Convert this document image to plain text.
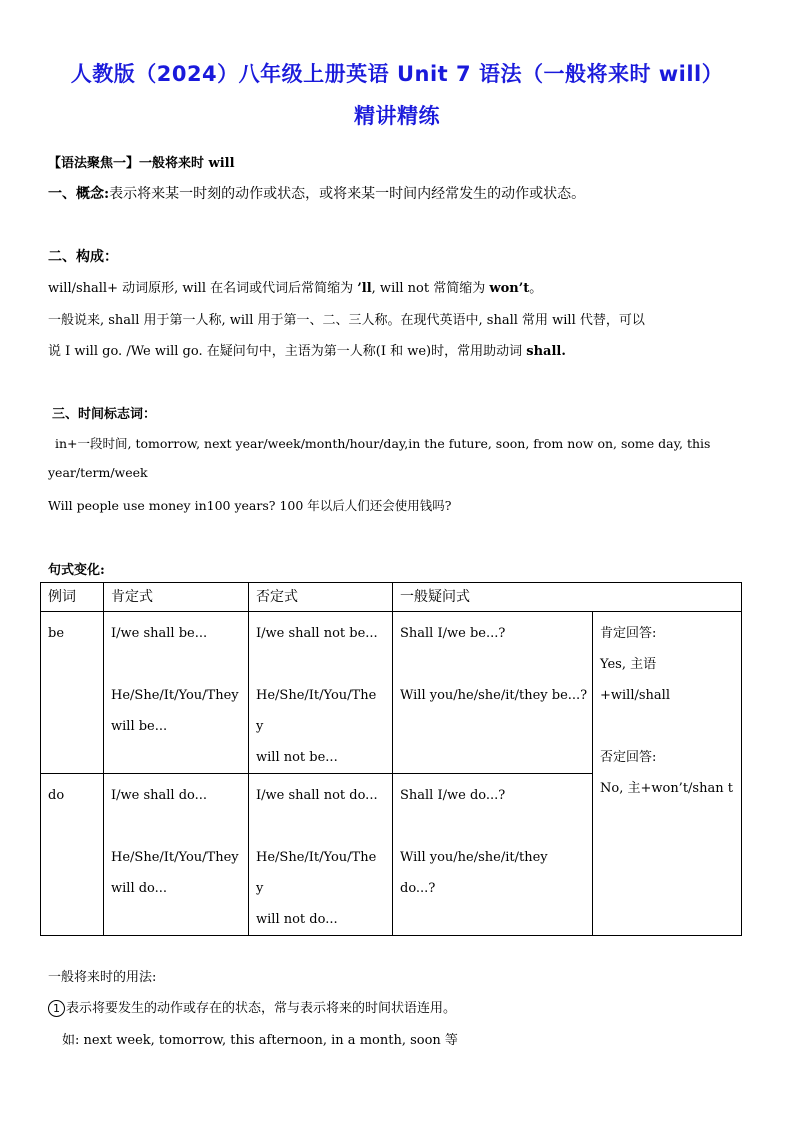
人教版（2024）八年级上册英语 Unit 7 语法（一般将来时 will）
精讲精练
【语法聚焦一】一般将来时 will
一、概念:表示将来某一时刻的动作或状态，或将来某一时间内经常发生的动作或状态。
二、构成：
will/shall+ 动词原形, will 在名词或代词后常简缩为 ’ll, will not 常简缩为 won’t。
一般说来, shall 用于第一人称, will 用于第一、二、三人称。在现代英语中, shall 常用 will 代替，可以
说 I will go. /We will go. 在疑问句中，主语为第一人称(I 和 we)时，常用助动词 shall.
三、时间标志词：
in+一段时间, tomorrow, next year/week/month/hour/day,in the future, soon, from now on, some day, this
year/term/week
Will people use money in100 years? 100 年以后人们还会使用钱吗?
句式变化:
例词	肯定式	否定式	一般疑问式	
be	I/we shall be...
He/She/It/You/They
will be...	I/we shall not be...
He/She/It/You/The
y
will not be...	Shall I/we be...?
Will you/he/she/it/they be...?	肯定回答:
Yes, 主语
+will/shall
否定回答:
No, 主+won’t/shan t

do	I/we shall do...
He/She/It/You/They
will do...	I/we shall not do...
He/She/It/You/The
y
will not do...	Shall I/we do...?
Will you/he/she/it/they
do...?	
一般将来时的用法:
1 表示将要发生的动作或存在的状态，常与表示将来的时间状语连用。
如: next week, tomorrow, this afternoon, in a month, soon 等
